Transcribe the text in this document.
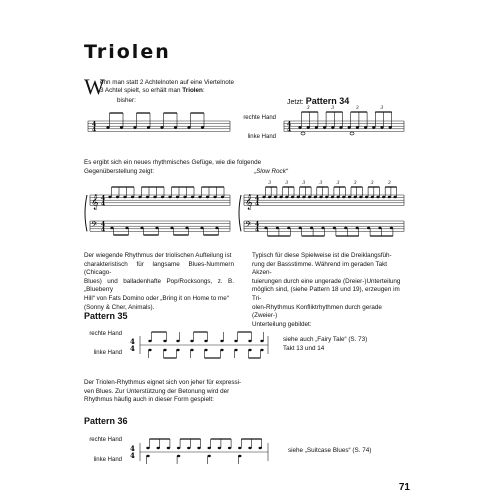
Triolen
W
enn man statt 2 Achtelnoten auf eine Viertelnote
3 Achtel spielt, so erhält man Triolen:
bisher:
4
4
4
4
3	3	3	3
𝄞
𝄢
4
4
4
4
𝄞
𝄢
4
4
4
4
3	3	3	3	3	3	3	3
4
4
4
4
Jetzt: Pattern 34
rechte Hand
linke Hand
Es ergibt sich ein neues rhythmisches Gefüge, wie die folgende
Gegenüberstellung zeigt:	„Slow Rock“
Der wiegende Rhythmus der triolischen Aufteilung ist
charakteristisch für langsame Blues-Nummern (Chicago-
Blues) und balladenhafte Pop/Rocksongs, z. B. „Blueberry
Hill“ von Fats Domino oder „Bring it on Home to me“
(Sonny & Cher, Animals).
Typisch für diese Spielweise ist die Dreiklangsfüh-
rung der Bassstimme. Während im geraden Takt Akzen-
tuierungen durch eine ungerade (Dreier-)Unterteilung
möglich sind, (siehe Pattern 18 und 19), erzeugen im Tri-
olen-Rhythmus Konfliktrhythmen durch gerade (Zweier-)
Unterteilung gebildet:
Pattern 35
rechte Hand
linke Hand
siehe auch „Fairy Tale“ (S. 73)
Takt 13 und 14
Der Triolen-Rhythmus eignet sich von jeher für expressi-
ven Blues. Zur Unterstützung der Betonung wird der
Rhythmus häufig auch in dieser Form gespielt:
Pattern 36
rechte Hand
linke Hand
siehe „Suitcase Blues“ (S. 74)
71
